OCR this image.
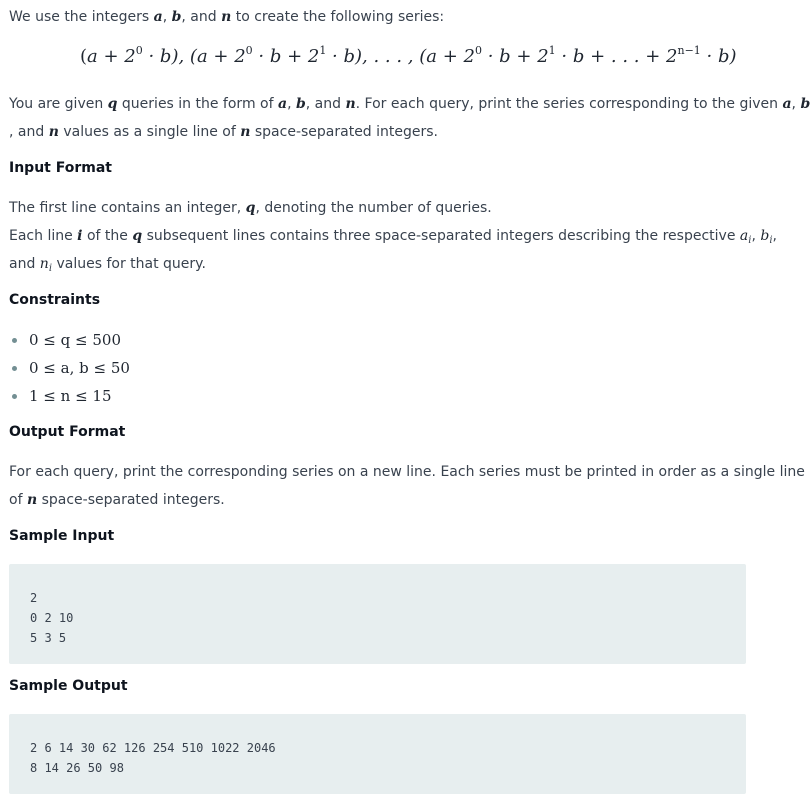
We use the integers a, b, and n to create the following series:
$(a + 2^0 \cdot b)$, $(a + 2^0 \cdot b + 2^1 \cdot b)$, . . . , ($a + 2^0 \cdot b + 2^1 \cdot b$ + . . . + $2^{n-1} \cdot b$)
You are given q queries in the form of a, b, and n. For each query, print the series corresponding to the given a, b
, and n values as a single line of n space-separated integers.
Input Format
The first line contains an integer, q, denoting the number of queries.
Each line i of the q subsequent lines contains three space-separated integers describing the respective $a_i$, $b_i$,
and $n_i$ values for that query.
Constraints
0 ≤ q ≤ 500
0 ≤ a, b ≤ 50
1 ≤ n ≤ 15
Output Format
For each query, print the corresponding series on a new line. Each series must be printed in order as a single line
of n space-separated integers.
Sample Input
2
0 2 10
5 3 5
Sample Output
2 6 14 30 62 126 254 510 1022 2046
8 14 26 50 98
